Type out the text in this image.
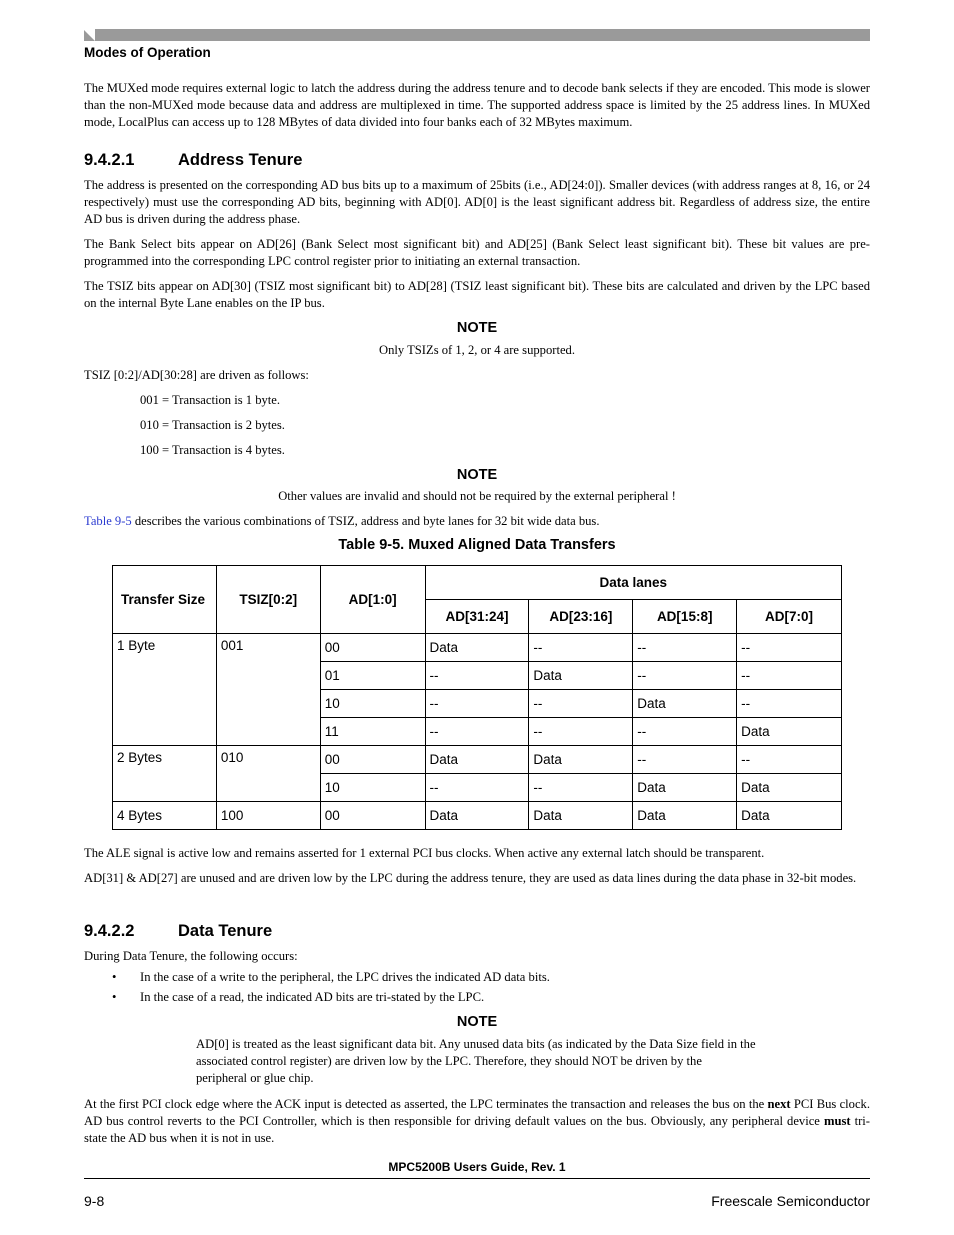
Modes of Operation
The MUXed mode requires external logic to latch the address during the address tenure and to decode bank selects if they are encoded. This mode is slower than the non-MUXed mode because data and address are multiplexed in time. The supported address space is limited by the 25 address lines. In MUXed mode, LocalPlus can access up to 128 MBytes of data divided into four banks each of 32 MBytes maximum.
9.4.2.1	Address Tenure
The address is presented on the corresponding AD bus bits up to a maximum of 25bits (i.e., AD[24:0]). Smaller devices (with address ranges at 8, 16, or 24 respectively) must use the corresponding AD bits, beginning with AD[0]. AD[0] is the least significant address bit. Regardless of address size, the entire AD bus is driven during the address phase.
The Bank Select bits appear on AD[26] (Bank Select most significant bit) and AD[25] (Bank Select least significant bit). These bit values are pre-programmed into the corresponding LPC control register prior to initiating an external transaction.
The TSIZ bits appear on AD[30] (TSIZ most significant bit) to AD[28] (TSIZ least significant bit). These bits are calculated and driven by the LPC based on the internal Byte Lane enables on the IP bus.
NOTE
Only TSIZs of 1, 2, or 4 are supported.
TSIZ [0:2]/AD[30:28] are driven as follows:
001 = Transaction is 1 byte.
010 = Transaction is 2 bytes.
100 = Transaction is 4 bytes.
NOTE
Other values are invalid and should not be required by the external peripheral !
Table 9-5 describes the various combinations of TSIZ, address and byte lanes for 32 bit wide data bus.
Table 9-5. Muxed Aligned Data Transfers
Transfer Size	TSIZ[0:2]	AD[1:0]	Data lanes			
			AD[31:24]	AD[23:16]	AD[15:8]	AD[7:0]
1 Byte	001	00	Data	--	--	--
		01	--	Data	--	--
		10	--	--	Data	--
		11	--	--	--	Data
2 Bytes	010	00	Data	Data	--	--
		10	--	--	Data	Data
4 Bytes	100	00	Data	Data	Data	Data
The ALE signal is active low and remains asserted for 1 external PCI bus clocks. When active any external latch should be transparent.
AD[31] & AD[27] are unused and are driven low by the LPC during the address tenure, they are used as data lines during the data phase in 32-bit modes.
9.4.2.2	Data Tenure
During Data Tenure, the following occurs:
• In the case of a write to the peripheral, the LPC drives the indicated AD data bits.
• In the case of a read, the indicated AD bits are tri-stated by the LPC.
NOTE
AD[0] is treated as the least significant data bit. Any unused data bits (as indicated by the Data Size field in the associated control register) are driven low by the LPC. Therefore, they should NOT be driven by the peripheral or glue chip.
At the first PCI clock edge where the ACK input is detected as asserted, the LPC terminates the transaction and releases the bus on the next PCI Bus clock. AD bus control reverts to the PCI Controller, which is then responsible for driving default values on the bus. Obviously, any peripheral device must tri-state the AD bus when it is not in use.
MPC5200B Users Guide, Rev. 1
9-8	Freescale Semiconductor
